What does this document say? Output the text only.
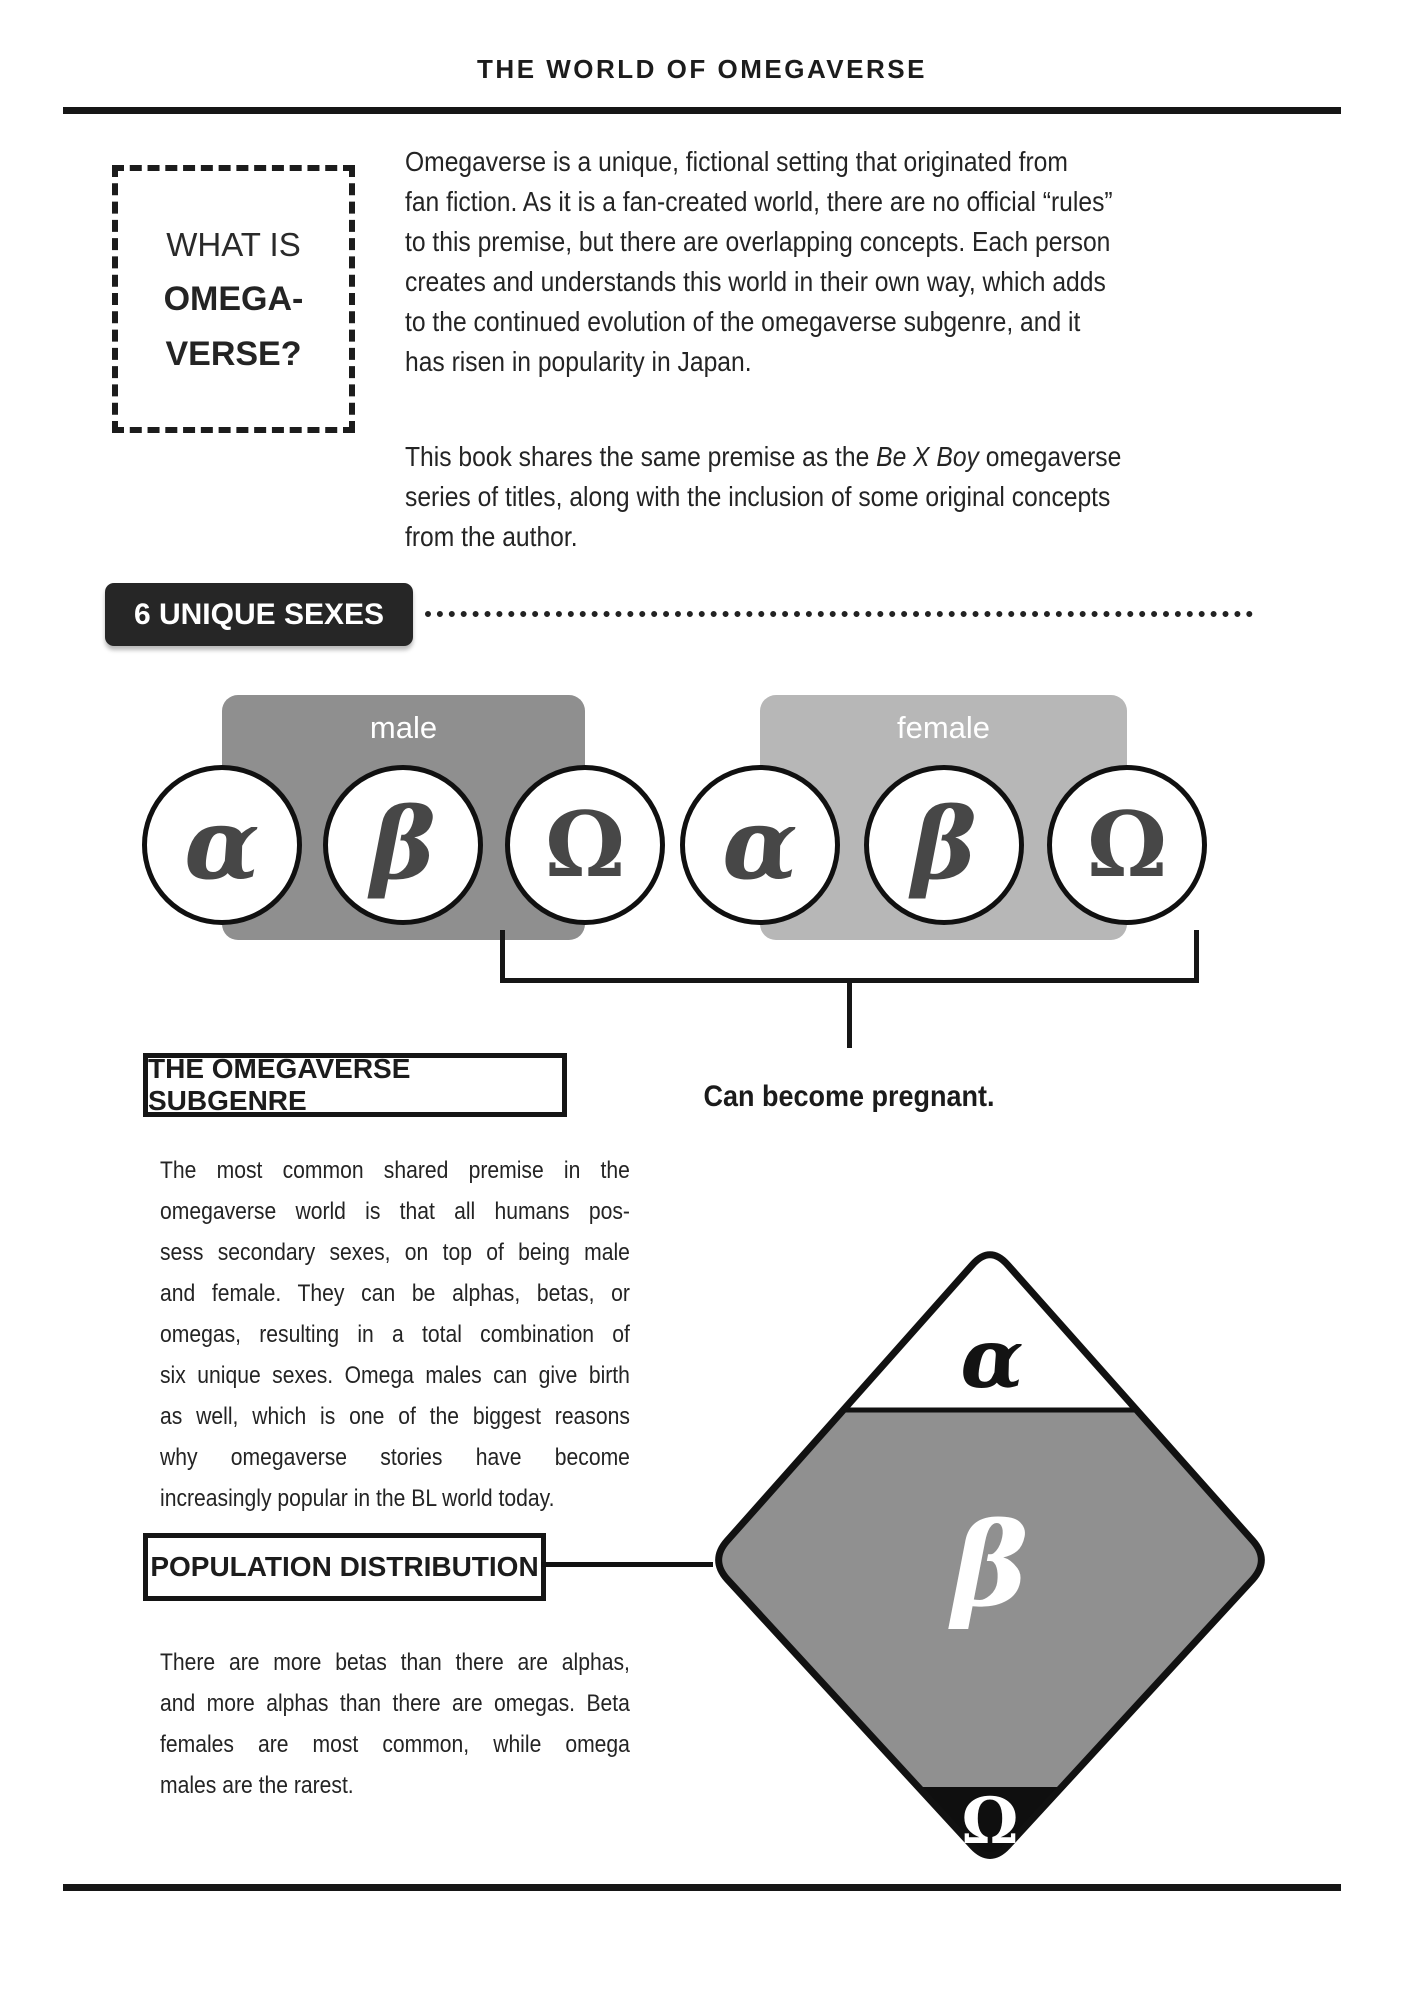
THE WORLD OF OMEGAVERSE
WHAT IS
OMEGA-
VERSE?
Omegaverse is a unique, fictional setting that originated from
fan fiction. As it is a fan-created world, there are no official “rules”
to this premise, but there are overlapping concepts. Each person
creates and understands this world in their own way, which adds
to the continued evolution of the omegaverse subgenre, and it
has risen in popularity in Japan.
This book shares the same premise as the Be X Boy omegaverse
series of titles, along with the inclusion of some original concepts
from the author.
6 UNIQUE SEXES
male	female
α β Ω α β Ω
Can become pregnant.
THE OMEGAVERSE SUBGENRE
The most common shared premise in the
omegaverse world is that all humans pos-
sess secondary sexes, on top of being male
and female. They can be alphas, betas, or
omegas, resulting in a total combination of
six unique sexes. Omega males can give birth
as well, which is one of the biggest reasons
why omegaverse stories have become
increasingly popular in the BL world today.
POPULATION DISTRIBUTION
There are more betas than there are alphas,
and more alphas than there are omegas. Beta
females are most common, while omega
males are the rarest.
α
β
Ω
